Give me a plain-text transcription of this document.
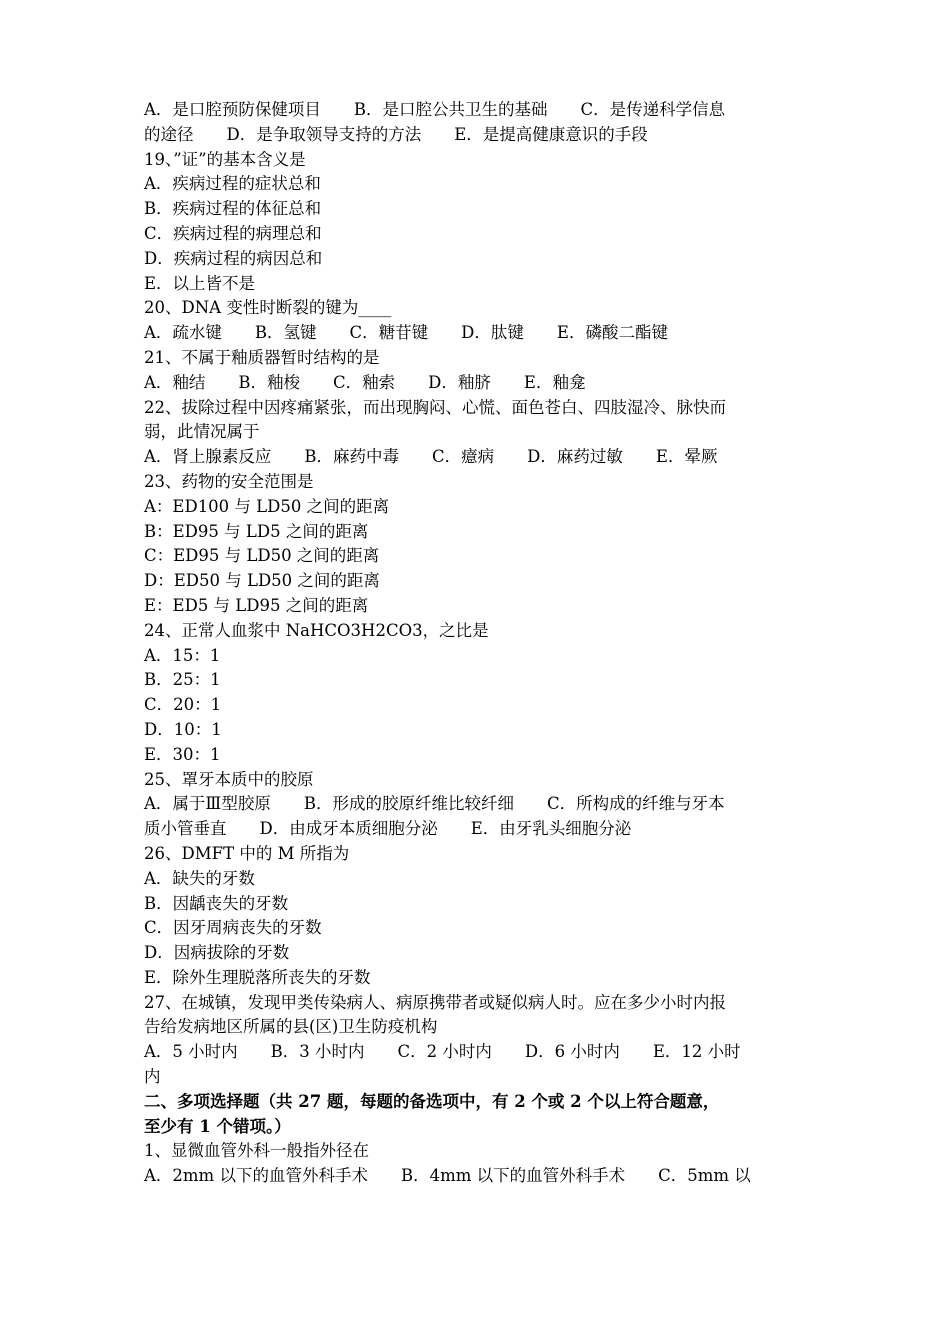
A．是口腔预防保健项目　　B．是口腔公共卫生的基础　　C．是传递科学信息
的途径　　D．是争取领导支持的方法　　E．是提高健康意识的手段
19、”证”的基本含义是
A．疾病过程的症状总和
B．疾病过程的体征总和
C．疾病过程的病理总和
D．疾病过程的病因总和
E．以上皆不是
20、DNA 变性时断裂的键为____
A．疏水键　　B．氢键　　C．糖苷键　　D．肽键　　E．磷酸二酯键
21、不属于釉质器暂时结构的是
A．釉结　　B．釉梭　　C．釉索　　D．釉脐　　E．釉龛
22、拔除过程中因疼痛紧张，而出现胸闷、心慌、面色苍白、四肢湿冷、脉快而
弱，此情况属于
A．肾上腺素反应　　B．麻药中毒　　C．癔病　　D．麻药过敏　　E．晕厥
23、药物的安全范围是
A：ED100 与 LD50 之间的距离
B：ED95 与 LD5 之间的距离
C：ED95 与 LD50 之间的距离
D：ED50 与 LD50 之间的距离
E：ED5 与 LD95 之间的距离
24、正常人血浆中 NaHCO3H2CO3，之比是
A．15：1
B．25：1
C．20：1
D．10：1
E．30：1
25、罩牙本质中的胶原
A．属于Ⅲ型胶原　　B．形成的胶原纤维比较纤细　　C．所构成的纤维与牙本
质小管垂直　　D．由成牙本质细胞分泌　　E．由牙乳头细胞分泌
26、DMFT 中的 M 所指为
A．缺失的牙数
B．因龋丧失的牙数
C．因牙周病丧失的牙数
D．因病拔除的牙数
E．除外生理脱落所丧失的牙数
27、在城镇，发现甲类传染病人、病原携带者或疑似病人时。应在多少小时内报
告给发病地区所属的县(区)卫生防疫机构
A．5 小时内　　B．3 小时内　　C．2 小时内　　D．6 小时内　　E．12 小时
内
二、多项选择题（共 27 题，每题的备选项中，有 2 个或 2 个以上符合题意，
至少有 1 个错项。）
1、显微血管外科一般指外径在
A．2mm 以下的血管外科手术　　B．4mm 以下的血管外科手术　　C．5mm 以
